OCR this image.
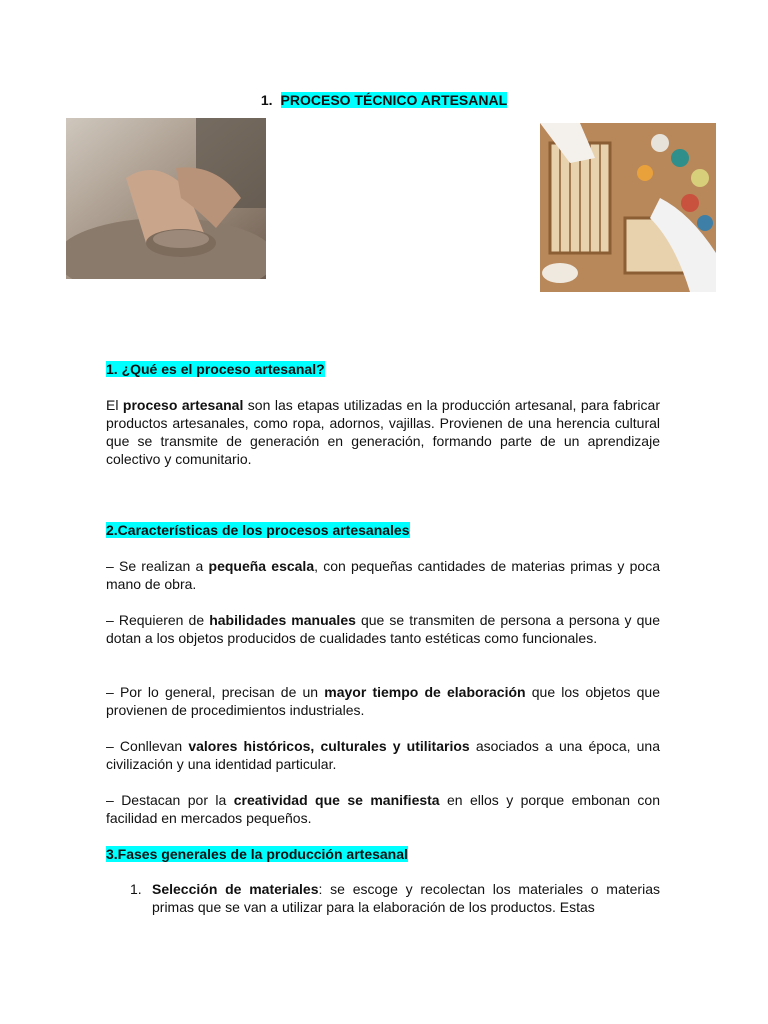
1. PROCESO TÉCNICO ARTESANAL

1. ¿Qué es el proceso artesanal?

El proceso artesanal son las etapas utilizadas en la producción artesanal, para fabricar productos artesanales, como ropa, adornos, vajillas. Provienen de una herencia cultural que se transmite de generación en generación, formando parte de un aprendizaje colectivo y comunitario.

2.Características de los procesos artesanales

– Se realizan a pequeña escala, con pequeñas cantidades de materias primas y poca mano de obra.

– Requieren de habilidades manuales que se transmiten de persona a persona y que dotan a los objetos producidos de cualidades tanto estéticas como funcionales.

– Por lo general, precisan de un mayor tiempo de elaboración que los objetos que provienen de procedimientos industriales.

– Conllevan valores históricos, culturales y utilitarios asociados a una época, una civilización y una identidad particular.

– Destacan por la creatividad que se manifiesta en ellos y porque embonan con facilidad en mercados pequeños.

3.Fases generales de la producción artesanal

1. Selección de materiales: se escoge y recolectan los materiales o materias primas que se van a utilizar para la elaboración de los productos. Estas
